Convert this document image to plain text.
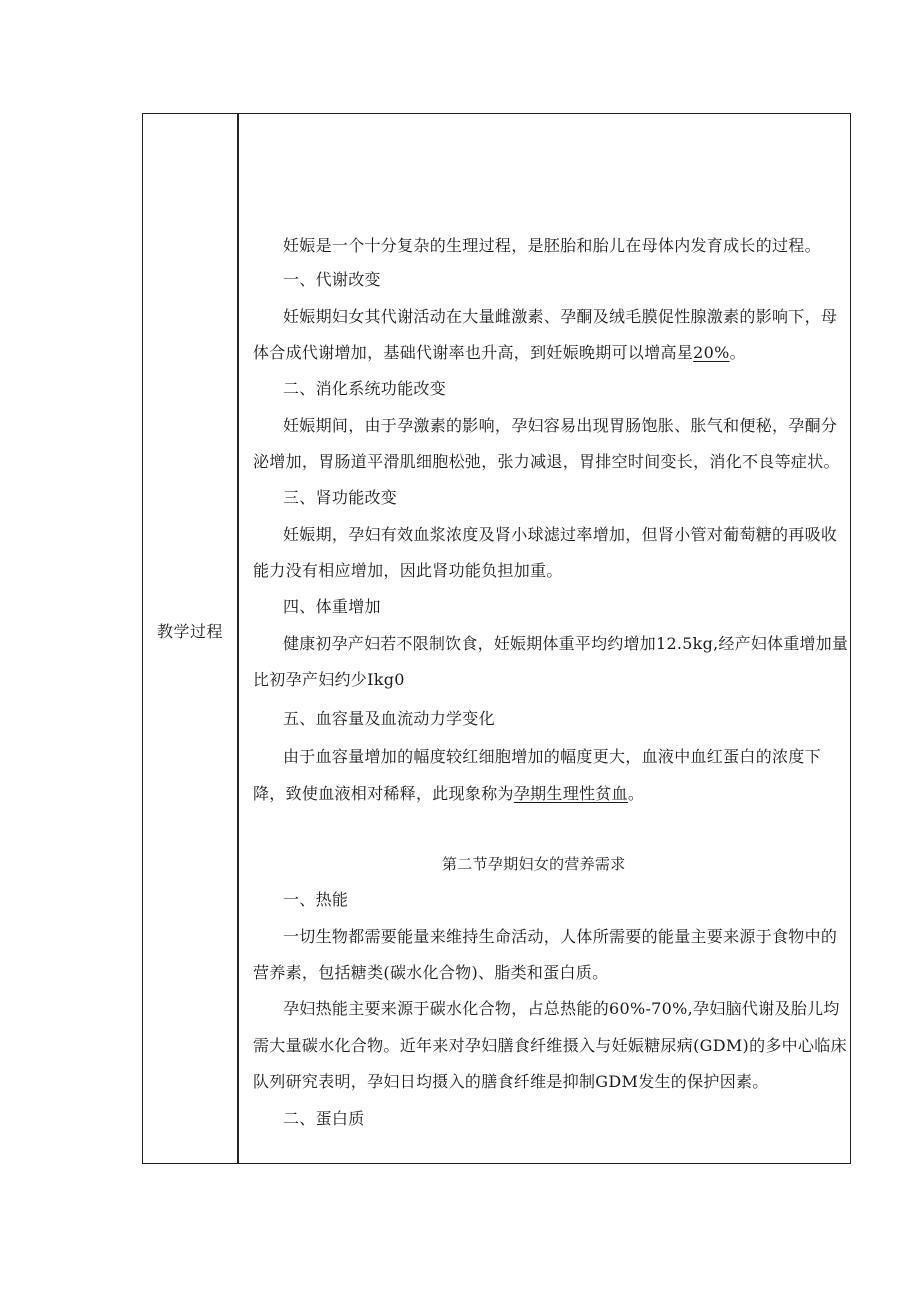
教学过程
妊娠是一个十分复杂的生理过程，是胚胎和胎儿在母体内发育成长的过程。
一、代谢改变
妊娠期妇女其代谢活动在大量雌激素、孕酮及绒毛膜促性腺激素的影响下，母
体合成代谢增加，基础代谢率也升高，到妊娠晚期可以增高星20%。
二、消化系统功能改变
妊娠期间，由于孕激素的影响，孕妇容易出现胃肠饱胀、胀气和便秘，孕酮分
泌增加，胃肠道平滑肌细胞松弛，张力减退，胃排空时间变长，消化不良等症状。
三、肾功能改变
妊娠期，孕妇有效血浆浓度及肾小球滤过率增加，但肾小管对葡萄糖的再吸收
能力没有相应增加，因此肾功能负担加重。
四、体重增加
健康初孕产妇若不限制饮食，妊娠期体重平均约增加12.5kg,经产妇体重增加量
比初孕产妇约少Ikg0
五、血容量及血流动力学变化
由于血容量增加的幅度较红细胞增加的幅度更大，血液中血红蛋白的浓度下
降，致使血液相对稀释，此现象称为孕期生理性贫血。
第二节孕期妇女的营养需求
一、热能
一切生物都需要能量来维持生命活动，人体所需要的能量主要来源于食物中的
营养素，包括糖类(碳水化合物)、脂类和蛋白质。
孕妇热能主要来源于碳水化合物，占总热能的60%-70%,孕妇脑代谢及胎儿均
需大量碳水化合物。近年来对孕妇膳食纤维摄入与妊娠糖尿病(GDM)的多中心临床
队列研究表明，孕妇日均摄入的膳食纤维是抑制GDM发生的保护因素。
二、蛋白质
